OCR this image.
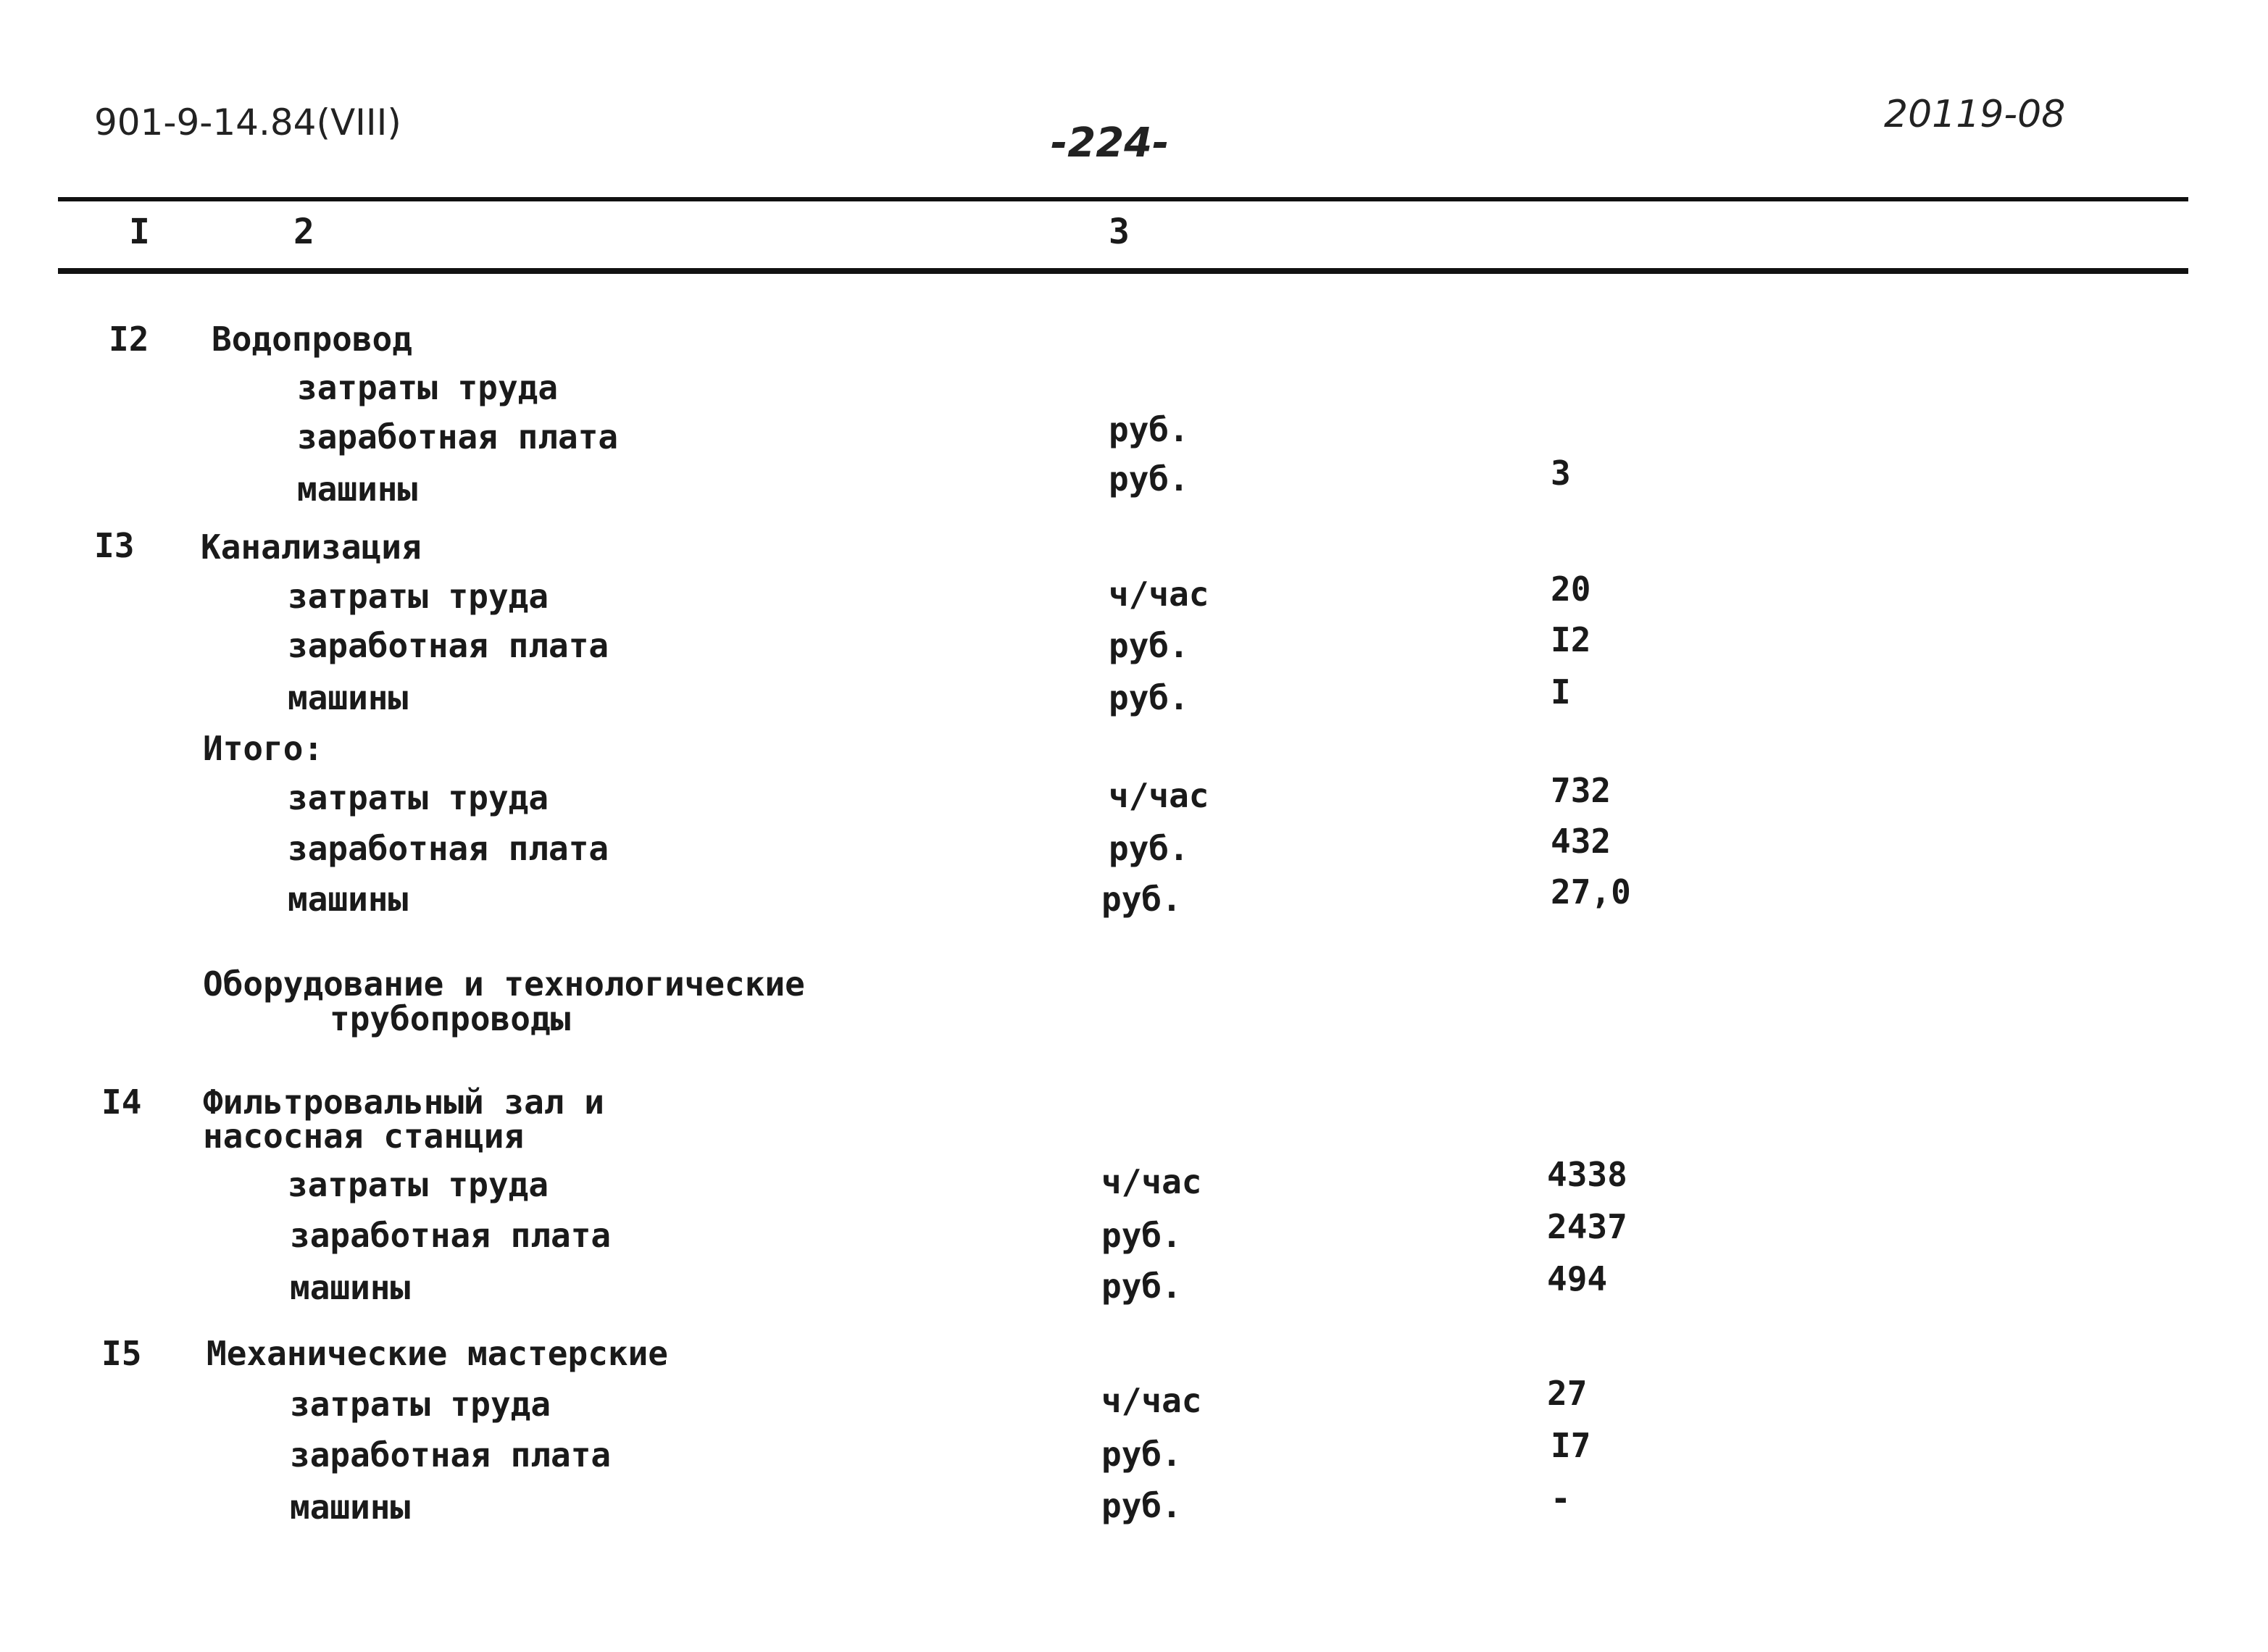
901-9-14.84(VIII)	-224-
20119-08
I	2	3
I2 Водопровод
затраты труда
заработная плата	руб.
машины	руб.	3
I3 Канализация
затраты труда	ч/час	20
заработная плата	руб.	I2
машины	руб.	I
Итого:
затраты труда	ч/час	732
заработная плата	руб.	432
машины	руб.	27,0
Оборудование и технологические
трубопроводы
I4 Фильтровальный зал и
насосная станция
затраты труда	ч/час	4338
заработная плата	руб.	2437
машины	руб.	494
I5 Механические мастерские
затраты труда	ч/час	27
заработная плата	руб.	I7
машины	руб.	-
